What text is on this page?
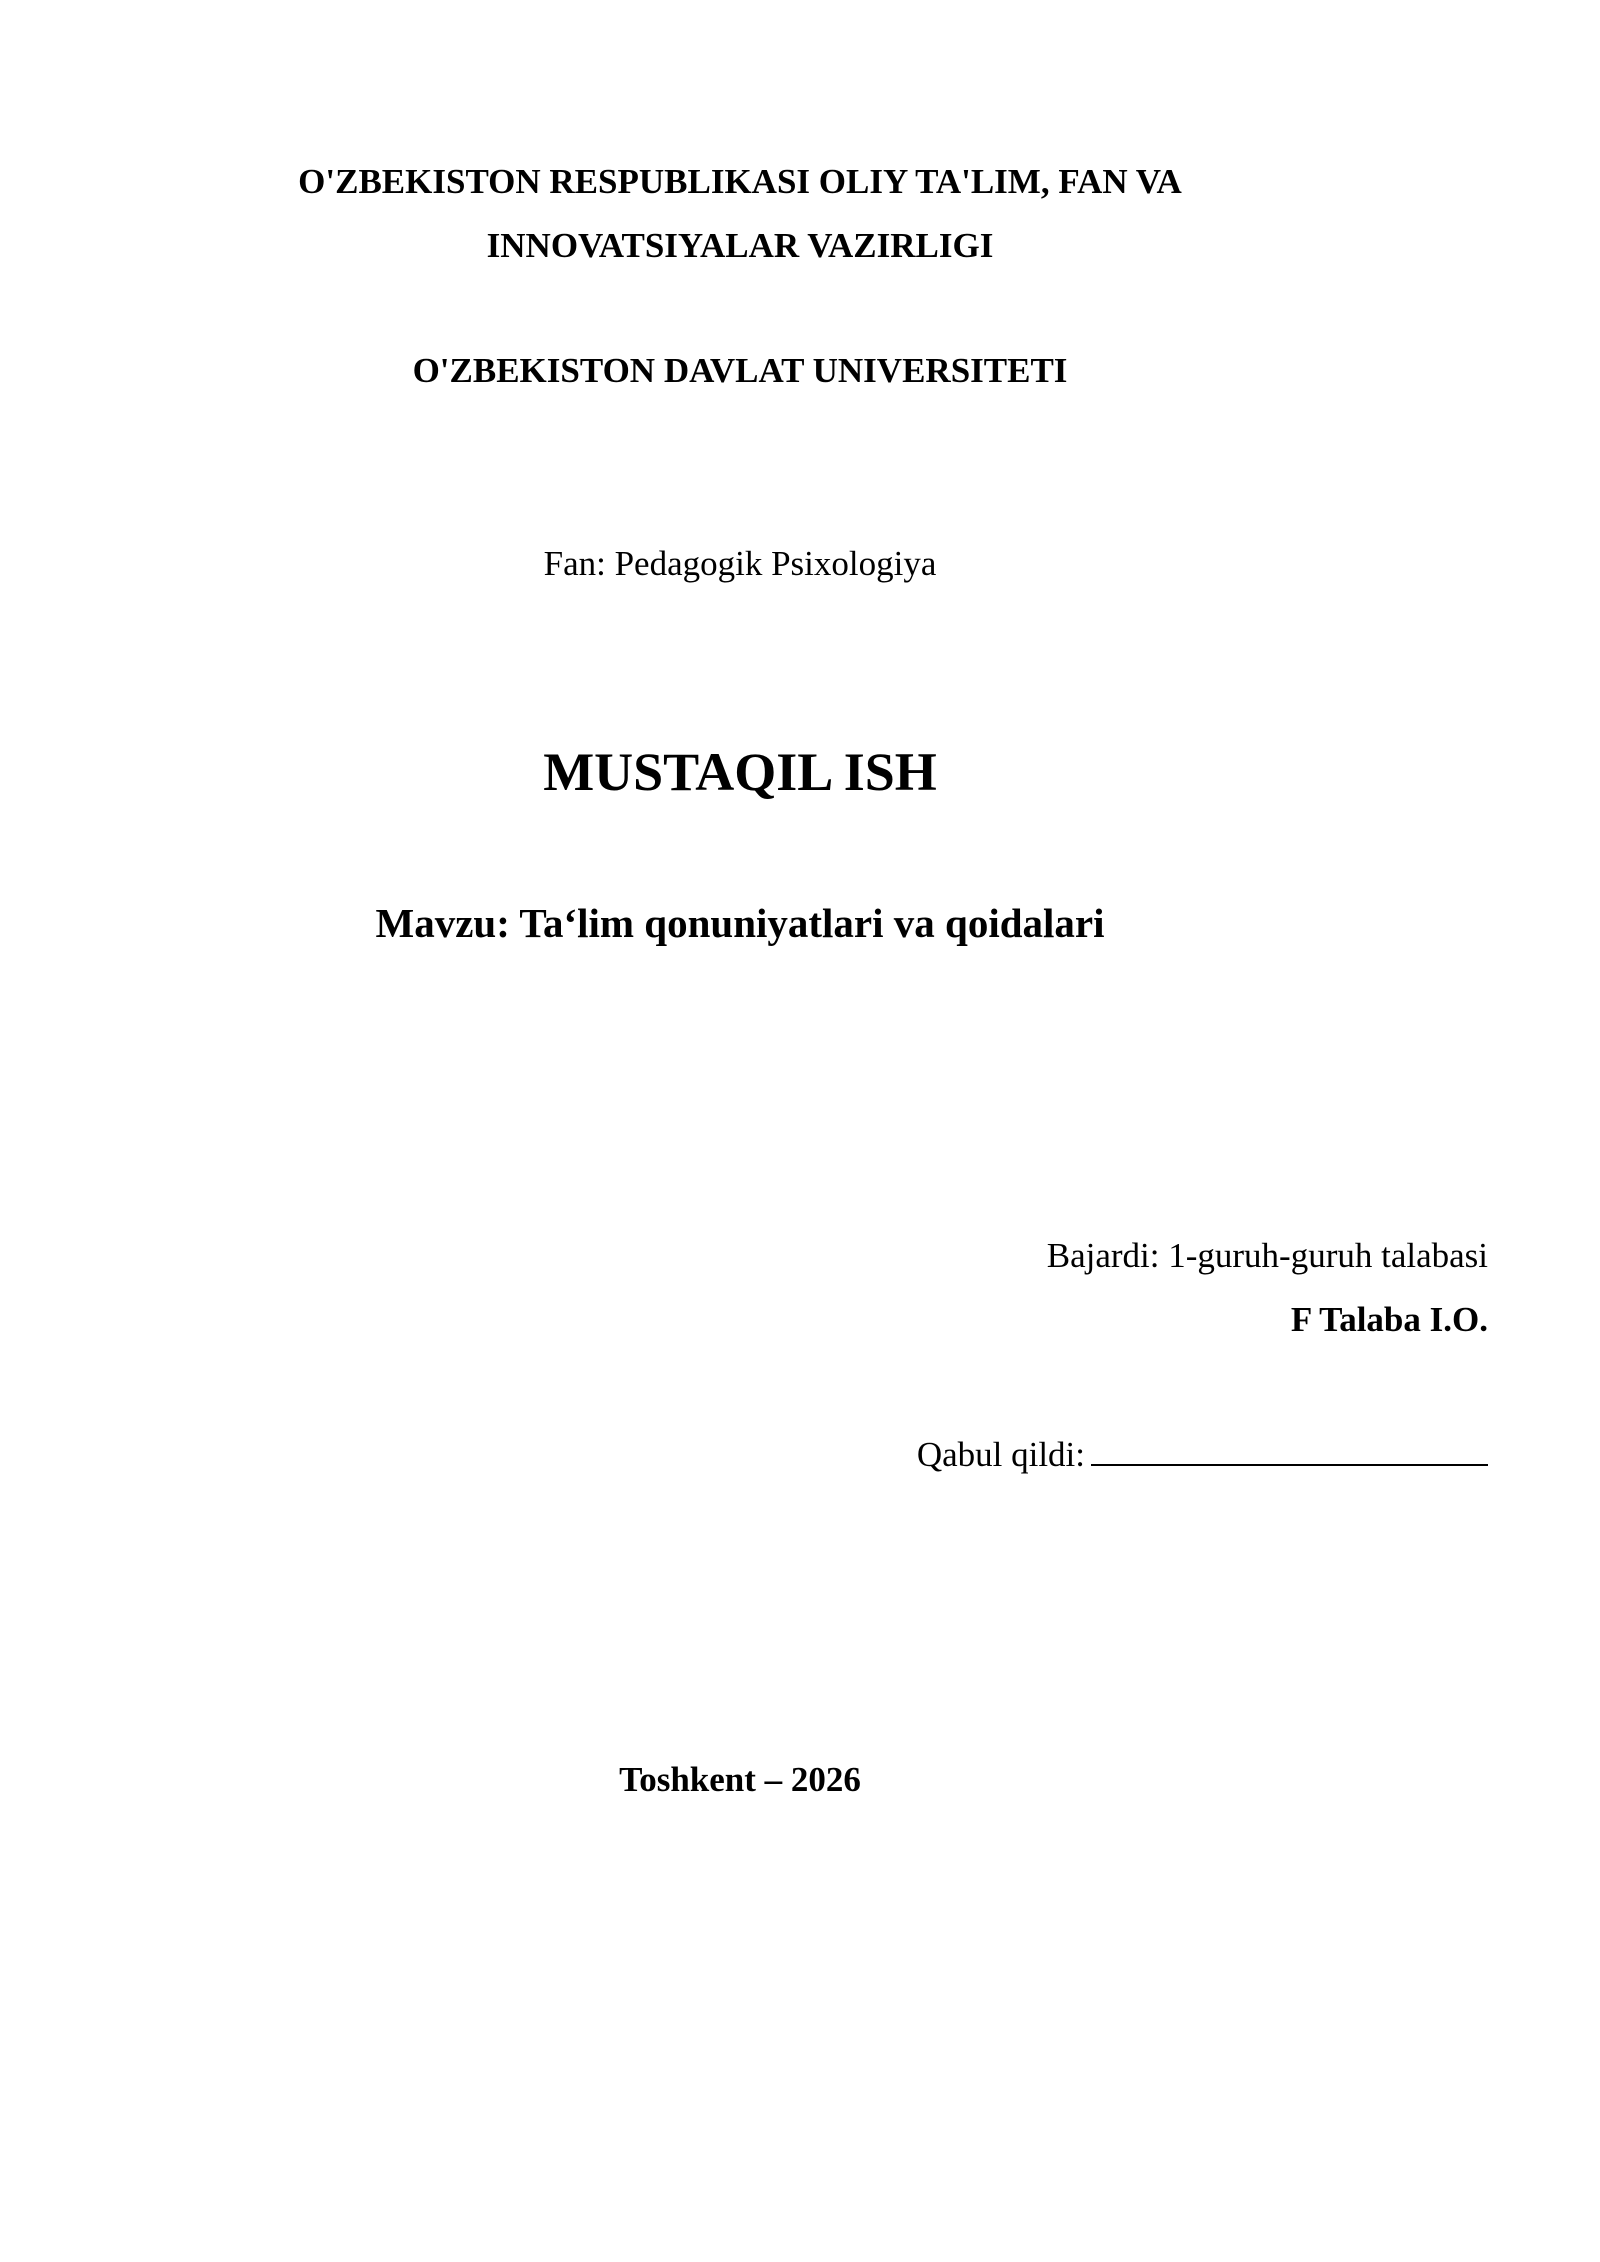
O'ZBEKISTON RESPUBLIKASI OLIY TA'LIM, FAN VA
INNOVATSIYALAR VAZIRLIGI
O'ZBEKISTON DAVLAT UNIVERSITETI
Fan: Pedagogik Psixologiya
MUSTAQIL ISH
Mavzu: Ta‘lim qonuniyatlari va qoidalari
Bajardi: 1-guruh-guruh talabasi
F Talaba I.O.
Qabul qildi:
Toshkent – 2026
